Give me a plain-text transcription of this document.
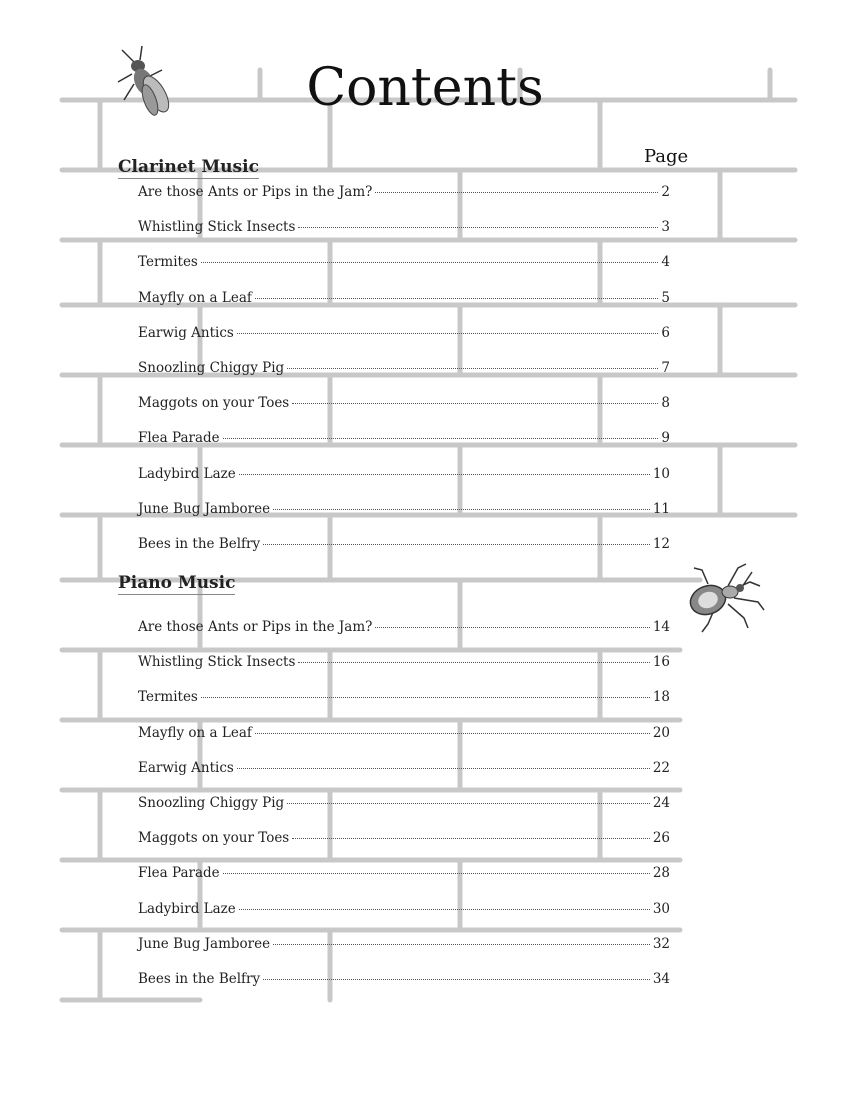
Contents
Page
Clarinet Music
Piano Music
Are those Ants or Pips in the Jam?	2
Whistling Stick Insects	3
Termites	4
Mayfly on a Leaf	5
Earwig Antics	6
Snoozling Chiggy Pig	7
Maggots on your Toes	8
Flea Parade	9
Ladybird Laze	10
June Bug Jamboree	11
Bees in the Belfry	12
Are those Ants or Pips in the Jam?	14
Whistling Stick Insects	16
Termites	18
Mayfly on a Leaf	20
Earwig Antics	22
Snoozling Chiggy Pig	24
Maggots on your Toes	26
Flea Parade	28
Ladybird Laze	30
June Bug Jamboree	32
Bees in the Belfry	34
